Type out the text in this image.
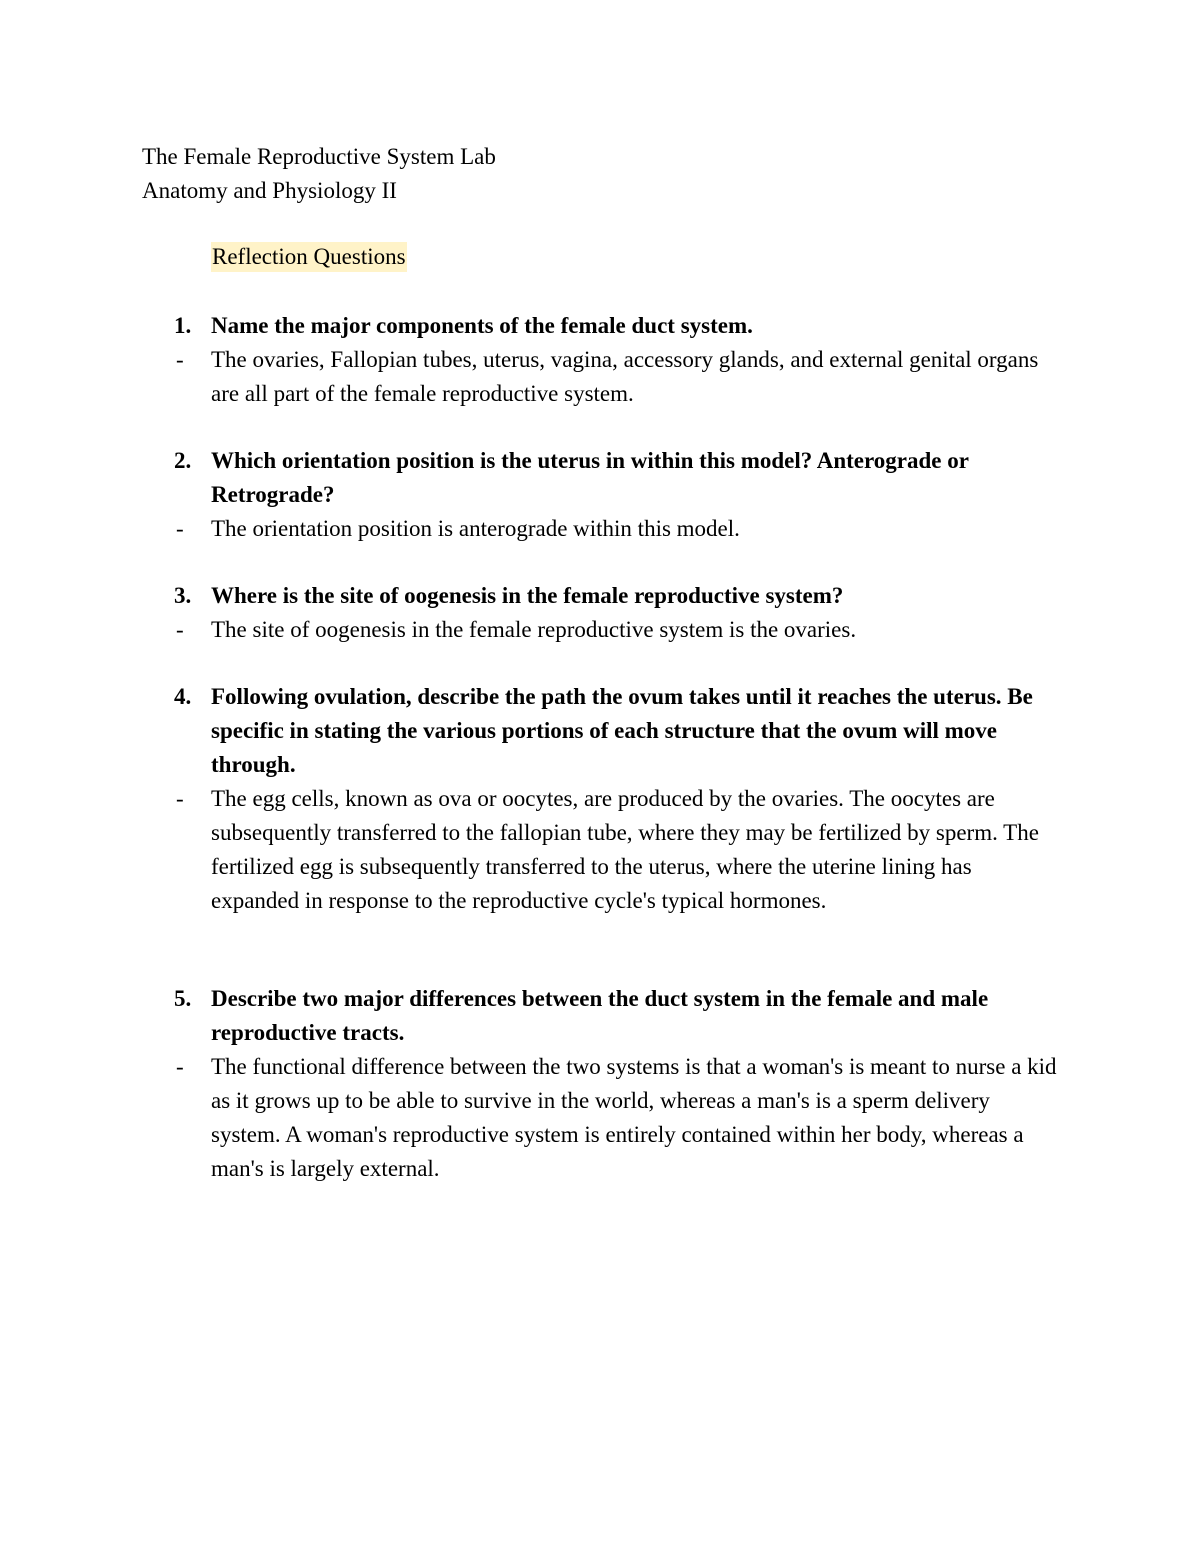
The Female Reproductive System Lab
Anatomy and Physiology II
Reflection Questions
1. Name the major components of the female duct system.
- The ovaries, Fallopian tubes, uterus, vagina, accessory glands, and external genital organs are all part of the female reproductive system.
2. Which orientation position is the uterus in within this model? Anterograde or Retrograde?
- The orientation position is anterograde within this model.
3. Where is the site of oogenesis in the female reproductive system?
- The site of oogenesis in the female reproductive system is the ovaries.
4. Following ovulation, describe the path the ovum takes until it reaches the uterus. Be specific in stating the various portions of each structure that the ovum will move through.
- The egg cells, known as ova or oocytes, are produced by the ovaries. The oocytes are subsequently transferred to the fallopian tube, where they may be fertilized by sperm. The fertilized egg is subsequently transferred to the uterus, where the uterine lining has expanded in response to the reproductive cycle's typical hormones.
5. Describe two major differences between the duct system in the female and male reproductive tracts.
- The functional difference between the two systems is that a woman's is meant to nurse a kid as it grows up to be able to survive in the world, whereas a man's is a sperm delivery system. A woman's reproductive system is entirely contained within her body, whereas a man's is largely external.
